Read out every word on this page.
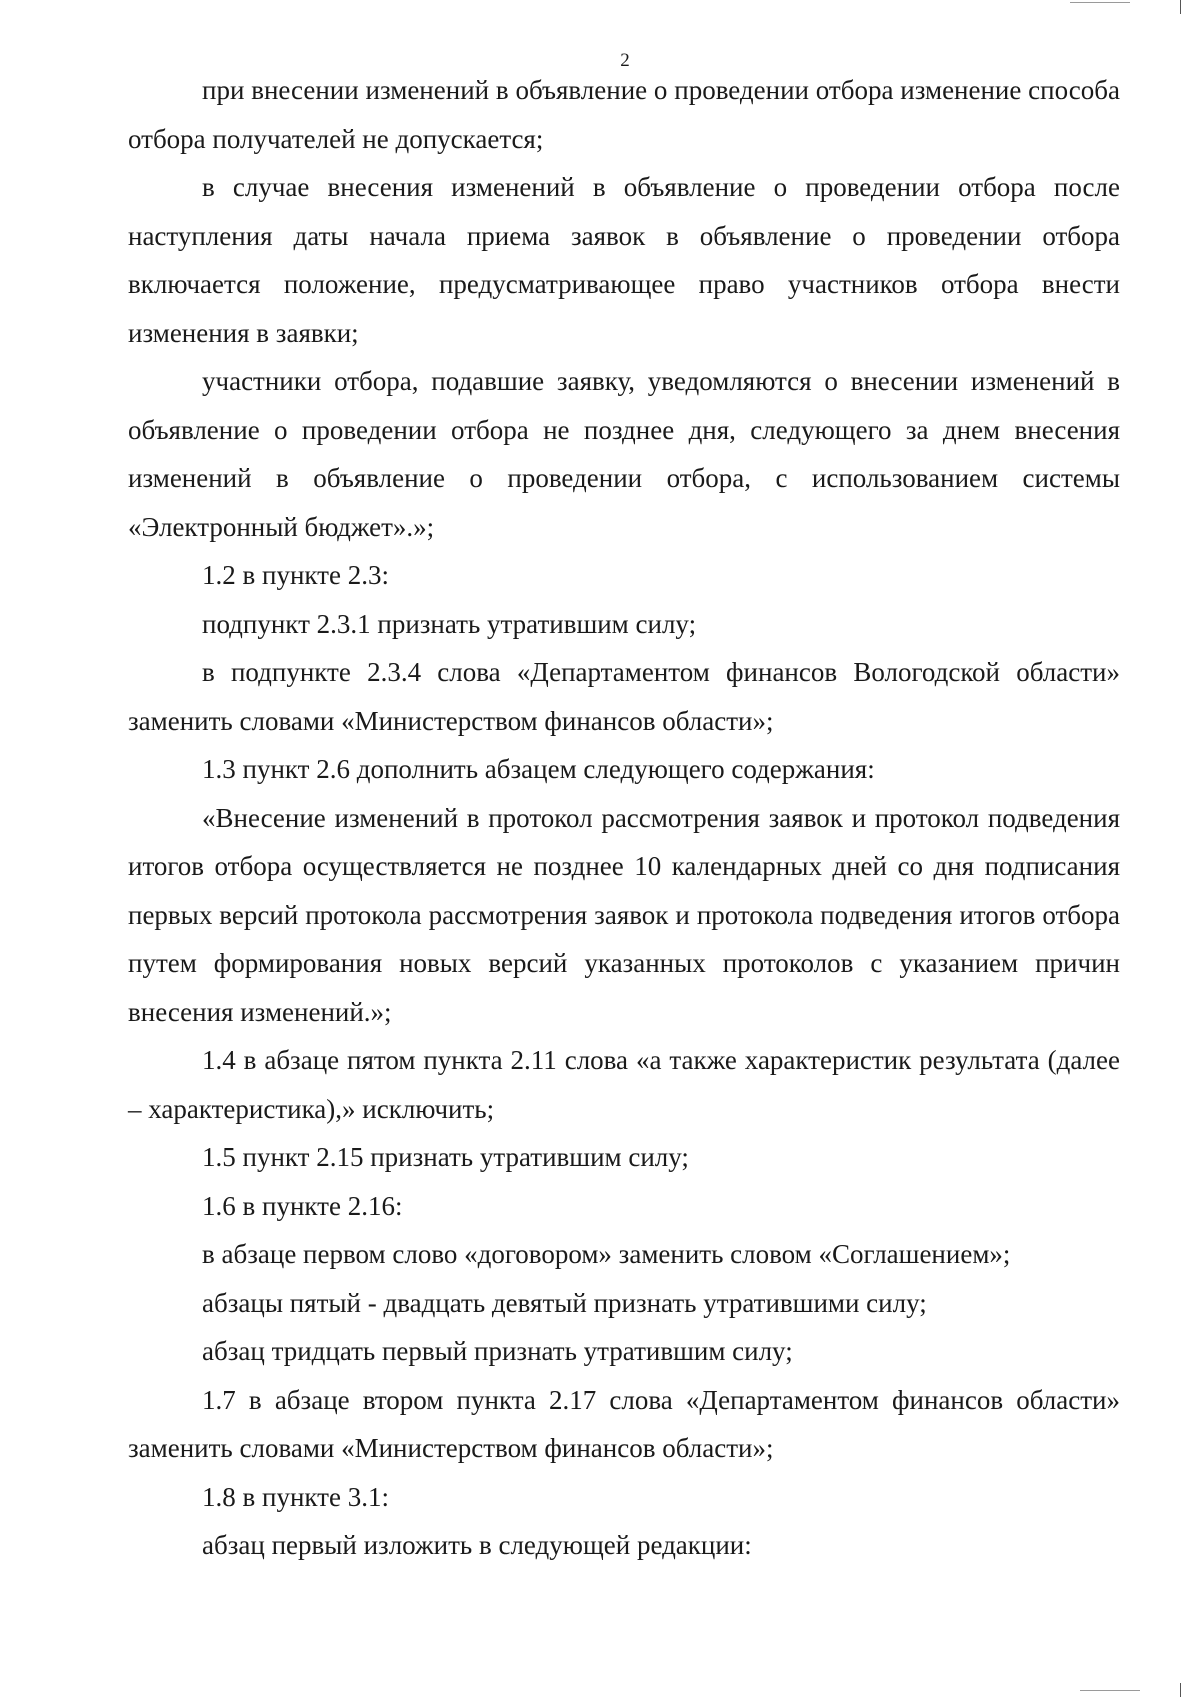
2

при внесении изменений в объявление о проведении отбора изменение способа отбора получателей не допускается;

в случае внесения изменений в объявление о проведении отбора после наступления даты начала приема заявок в объявление о проведении отбора включается положение, предусматривающее право участников отбора внести изменения в заявки;

участники отбора, подавшие заявку, уведомляются о внесении изменений в объявление о проведении отбора не позднее дня, следующего за днем внесения изменений в объявление о проведении отбора, с использованием системы «Электронный бюджет».»;

1.2 в пункте 2.3:

подпункт 2.3.1 признать утратившим силу;

в подпункте 2.3.4 слова «Департаментом финансов Вологодской области» заменить словами «Министерством финансов области»;

1.3 пункт 2.6 дополнить абзацем следующего содержания:

«Внесение изменений в протокол рассмотрения заявок и протокол подведения итогов отбора осуществляется не позднее 10 календарных дней со дня подписания первых версий протокола рассмотрения заявок и протокола подведения итогов отбора путем формирования новых версий указанных протоколов с указанием причин внесения изменений.»;

1.4 в абзаце пятом пункта 2.11 слова «а также характеристик результата (далее – характеристика),» исключить;

1.5 пункт 2.15 признать утратившим силу;

1.6 в пункте 2.16:

в абзаце первом слово «договором» заменить словом «Соглашением»;

абзацы пятый - двадцать девятый признать утратившими силу;

абзац тридцать первый признать утратившим силу;

1.7 в абзаце втором пункта 2.17 слова «Департаментом финансов области» заменить словами «Министерством финансов области»;

1.8 в пункте 3.1:

абзац первый изложить в следующей редакции:
